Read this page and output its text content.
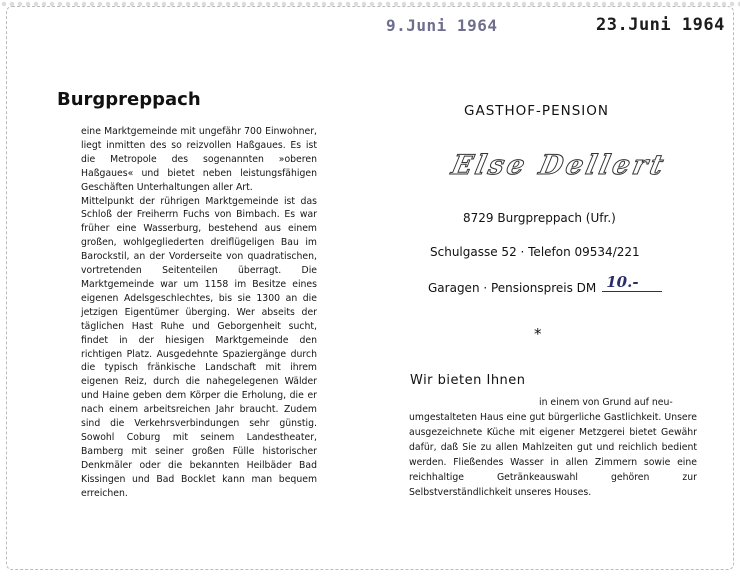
9.Juni 1964	23.Juni 1964
Burgpreppach

eine Marktgemeinde mit ungefähr 700 Einwohner, liegt inmitten des so reizvollen Haßgaues. Es ist die Metropole des sogenannten »oberen Haßgaues« und bietet neben leistungsfähigen Geschäften Unterhaltungen aller Art.

Mittelpunkt der rührigen Marktgemeinde ist das Schloß der Freiherrn Fuchs von Bimbach. Es war früher eine Wasserburg, bestehend aus einem großen, wohlgegliederten dreiflügeligen Bau im Barockstil, an der Vorderseite von quadratischen, vortretenden Seitenteilen überragt. Die Marktgemeinde war um 1158 im Besitze eines eigenen Adelsgeschlechtes, bis sie 1300 an die jetzigen Eigentümer überging. Wer abseits der täglichen Hast Ruhe und Geborgenheit sucht, findet in der hiesigen Marktgemeinde den richtigen Platz. Ausgedehnte Spaziergänge durch die typisch fränkische Landschaft mit ihrem eigenen Reiz, durch die nahegelegenen Wälder und Haine geben dem Körper die Erholung, die er nach einem arbeitsreichen Jahr braucht. Zudem sind die Verkehrsverbindungen sehr günstig. Sowohl Coburg mit seinem Landestheater, Bamberg mit seiner großen Fülle historischer Denkmäler oder die bekannten Heilbäder Bad Kissingen und Bad Bocklet kann man bequem erreichen.

GASTHOF-PENSION
Else Dellert
8729 Burgpreppach (Ufr.)
Schulgasse 52 · Telefon 09534/221
Garagen · Pensionspreis DM 10.-
*
Wir bieten Ihnen

in einem von Grund auf neu-

umgestalteten Haus eine gut bürgerliche Gastlichkeit. Unsere ausgezeichnete Küche mit eigener Metzgerei bietet Gewähr dafür, daß Sie zu allen Mahlzeiten gut und reichlich bedient werden. Fließendes Wasser in allen Zimmern sowie eine reichhaltige Getränkeauswahl gehören zur Selbstverständlichkeit unseres Houses.
